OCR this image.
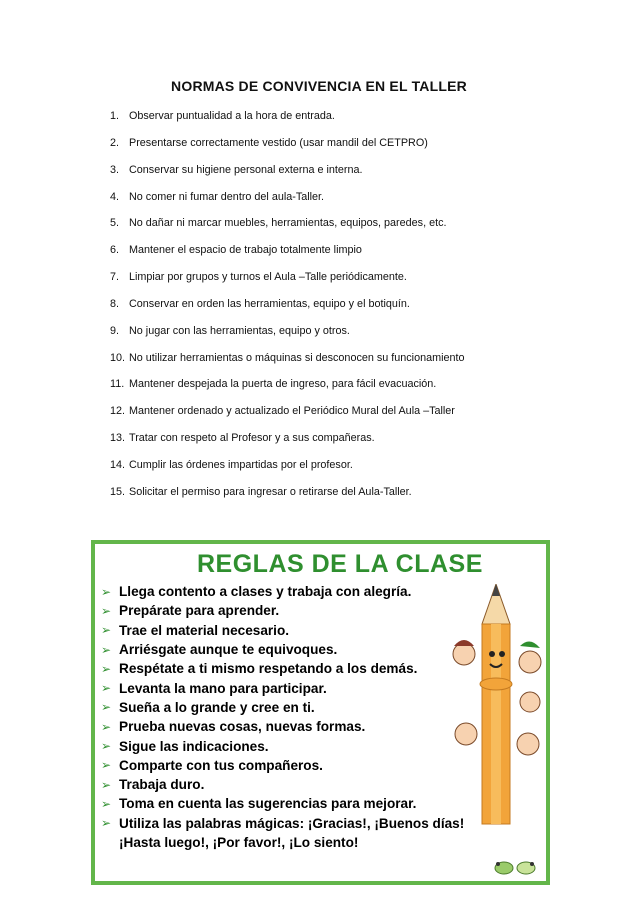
NORMAS DE CONVIVENCIA EN EL TALLER
1. Observar puntualidad a la hora de entrada.
2. Presentarse correctamente vestido (usar mandil del CETPRO)
3. Conservar su higiene personal externa e interna.
4. No comer ni fumar dentro del aula-Taller.
5. No dañar ni marcar muebles, herramientas, equipos, paredes, etc.
6. Mantener el espacio de trabajo totalmente limpio
7. Limpiar por grupos y turnos el Aula –Talle periódicamente.
8. Conservar en orden las herramientas, equipo y el botiquín.
9. No jugar con las herramientas, equipo y otros.
10. No utilizar herramientas o máquinas si desconocen su funcionamiento
11. Mantener despejada la puerta de ingreso, para fácil evacuación.
12. Mantener ordenado y actualizado el Periódico Mural del Aula –Taller
13. Tratar con respeto al Profesor y a sus compañeras.
14. Cumplir las órdenes impartidas por el profesor.
15. Solicitar el permiso para ingresar o retirarse del Aula-Taller.
REGLAS DE LA CLASE
➢ Llega contento a clases y trabaja con alegría.
➢ Prepárate para aprender.
➢ Trae el material necesario.
➢ Arriésgate aunque te equivoques.
➢ Respétate a ti mismo respetando a los demás.
➢ Levanta la mano para participar.
➢ Sueña a lo grande y cree en ti.
➢ Prueba nuevas cosas, nuevas formas.
➢ Sigue las indicaciones.
➢ Comparte con tus compañeros.
➢ Trabaja duro.
➢ Toma en cuenta las sugerencias para mejorar.
➢ Utiliza las palabras mágicas: ¡Gracias!, ¡Buenos días!
¡Hasta luego!, ¡Por favor!, ¡Lo siento!
